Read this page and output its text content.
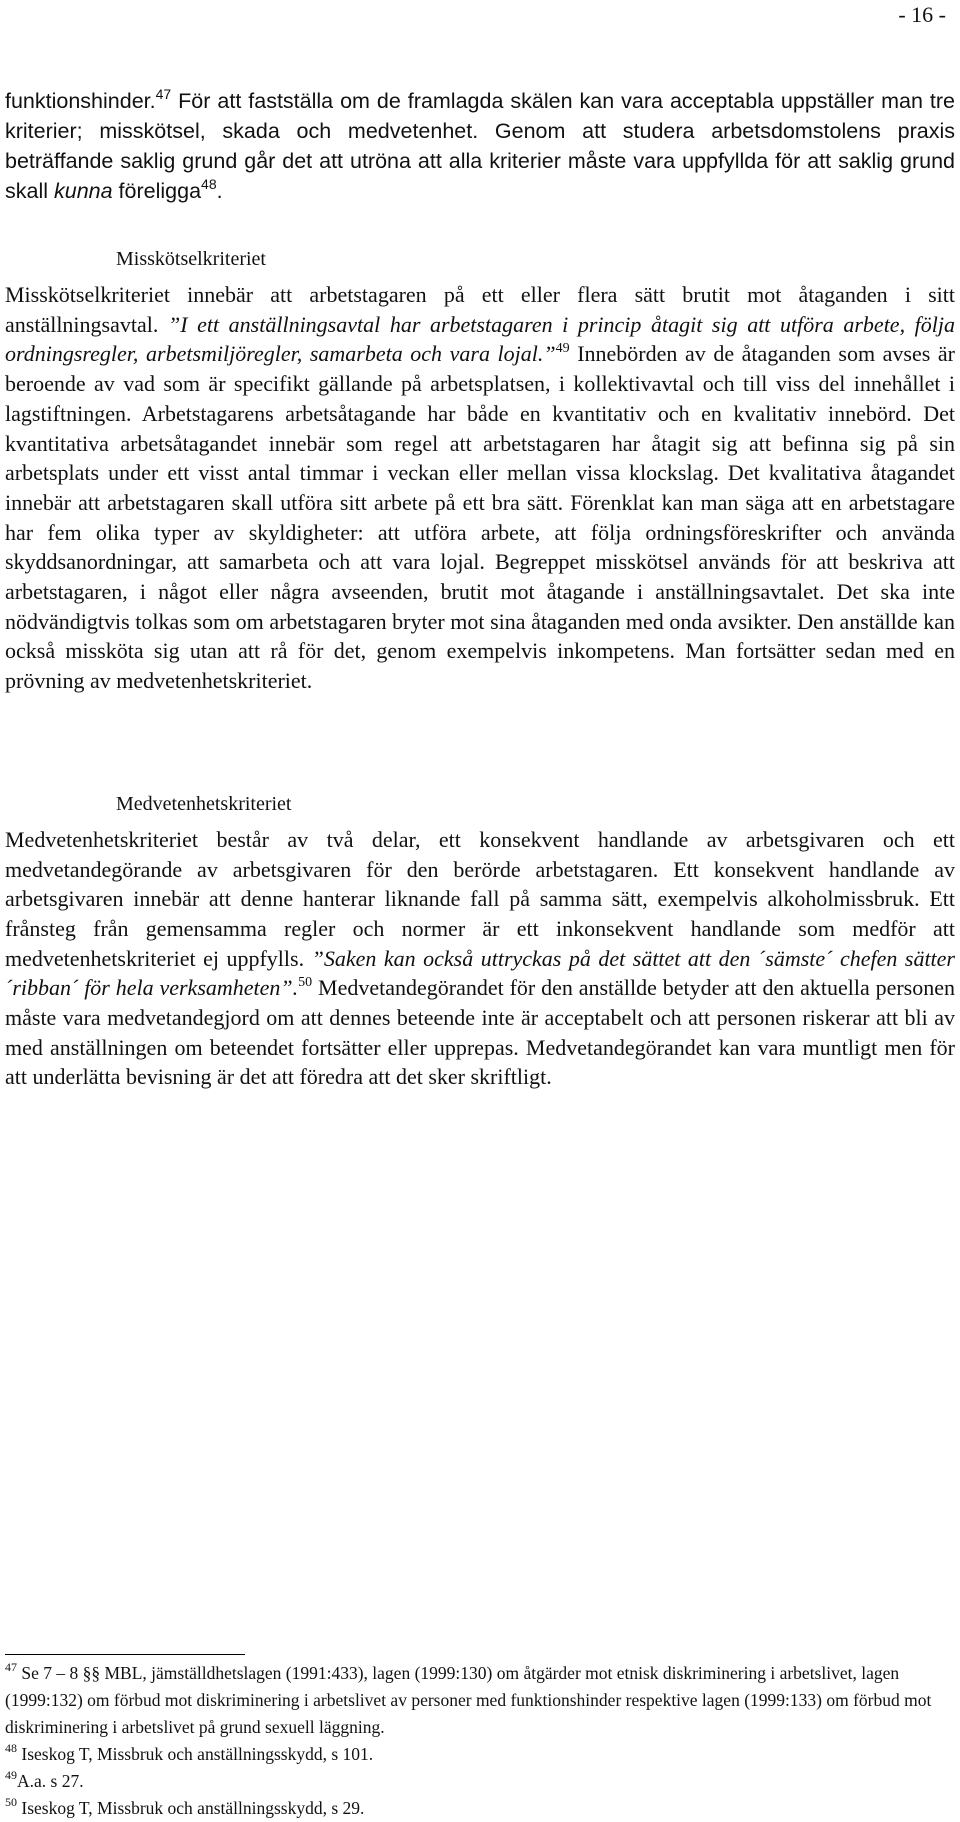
- 16 -

funktionshinder.$^{47}$ För att fastställa om de framlagda skälen kan vara acceptabla uppställer man tre kriterier; misskötsel, skada och medvetenhet. Genom att studera arbetsdomstolens praxis beträffande saklig grund går det att utröna att alla kriterier måste vara uppfyllda för att saklig grund skall kunna föreligga$^{48}$.

Misskötselkriteriet

Misskötselkriteriet innebär att arbetstagaren på ett eller flera sätt brutit mot åtaganden i sitt anställningsavtal. ”I ett anställningsavtal har arbetstagaren i princip åtagit sig att utföra arbete, följa ordningsregler, arbetsmiljöregler, samarbeta och vara lojal.”$^{49}$ Innebörden av de åtaganden som avses är beroende av vad som är specifikt gällande på arbetsplatsen, i kollektivavtal och till viss del innehållet i lagstiftningen. Arbetstagarens arbetsåtagande har både en kvantitativ och en kvalitativ innebörd. Det kvantitativa arbetsåtagandet innebär som regel att arbetstagaren har åtagit sig att befinna sig på sin arbetsplats under ett visst antal timmar i veckan eller mellan vissa klockslag. Det kvalitativa åtagandet innebär att arbetstagaren skall utföra sitt arbete på ett bra sätt. Förenklat kan man säga att en arbetstagare har fem olika typer av skyldigheter: att utföra arbete, att följa ordningsföreskrifter och använda skyddsanordningar, att samarbeta och att vara lojal. Begreppet misskötsel används för att beskriva att arbetstagaren, i något eller några avseenden, brutit mot åtagande i anställningsavtalet. Det ska inte nödvändigtvis tolkas som om arbetstagaren bryter mot sina åtaganden med onda avsikter. Den anställde kan också missköta sig utan att rå för det, genom exempelvis inkompetens. Man fortsätter sedan med en prövning av medvetenhetskriteriet.

Medvetenhetskriteriet

Medvetenhetskriteriet består av två delar, ett konsekvent handlande av arbetsgivaren och ett medvetandegörande av arbetsgivaren för den berörde arbetstagaren. Ett konsekvent handlande av arbetsgivaren innebär att denne hanterar liknande fall på samma sätt, exempelvis alkoholmissbruk. Ett frånsteg från gemensamma regler och normer är ett inkonsekvent handlande som medför att medvetenhetskriteriet ej uppfylls. ”Saken kan också uttryckas på det sättet att den ´sämste´ chefen sätter ´ribban´ för hela verksamheten”.$^{50}$ Medvetandegörandet för den anställde betyder att den aktuella personen måste vara medvetandegjord om att dennes beteende inte är acceptabelt och att personen riskerar att bli av med anställningen om beteendet fortsätter eller upprepas. Medvetandegörandet kan vara muntligt men för att underlätta bevisning är det att föredra att det sker skriftligt.

$^{47}$ Se 7 – 8 §§ MBL, jämställdhetslagen (1991:433), lagen (1999:130) om åtgärder mot etnisk diskriminering i arbetslivet, lagen (1999:132) om förbud mot diskriminering i arbetslivet av personer med funktionshinder respektive lagen (1999:133) om förbud mot diskriminering i arbetslivet på grund sexuell läggning.

$^{48}$ Iseskog T, Missbruk och anställningsskydd, s 101.

$^{49}$A.a. s 27.

$^{50}$ Iseskog T, Missbruk och anställningsskydd, s 29.
